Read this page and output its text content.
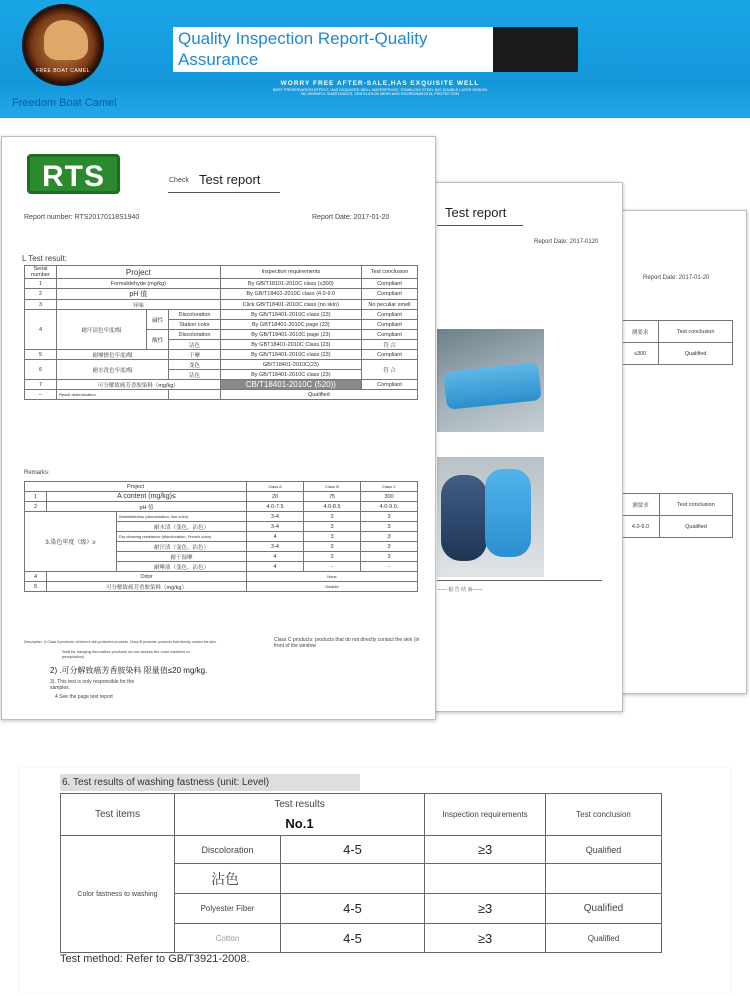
FREE BOAT CAMEL
Freedom Boat Camel
Quality Inspection Report-Quality Assurance
WORRY FREE AFTER-SALE,HAS EXQUISITE WELL
BEST PRESERVATION EFFECT, HAS EXQUISITE WELL WATERPROOF, STAINLESS STEEL BIG DOUBLE LAYER DESIGN
NO HARMFUL SUBSTANCES, VENTILATION MESH AND ENVIRONMENTAL PROTECTION
Report Date: 2017-01-20
测要求	Test conclusion
≤300	Qualified
测要求	Test conclusion
4.0-9.0	Qualified
Test report
Report Date: 2017-0120
------ 报 告 结 束------
RTS	Check Test report
Report number: RTS20170118S1940	Report Date: 2017-01-20
L Test result:
Serial number	Project			Inspection requirements	Test conclusion
1	Formaldehyde (mg/kg)			By GB/T18101-2010C class (≤300)	Compliant
2	pH 值			By GB/T18401-2010C class (4.0-9.0	Compliant
3	异味			Click GB/T18401-2010C class (no skin)	No peculiar smell
4	耐汗渍色牢度/级	碱性	Discoloration	By GB/T18401-2010C class (23)	Compliant
			Station color	By GBT18401-2010C page (23)	Compliant
		酸性	Discoloration	By GB/T18401-2010C page (23)	Compliant
			沾色	By GBT18401-2010C Class (23)	符 合
5	耐摩擦色牢度/级		干摩	By GB/T18401-2010C class (23)	Compliant
6	耐水洗色牢度/级		变色	GB/T18401-2010C(23)	符 合
			沾色	By GB/T18401-2010C class (23)	
7	可分解致癌芳香胺染料（mg/kg）			CB/T18401-2010C (520))	Compliant
--	Result determination			Qualified	
Remarks:
Project			Class A	Class B	Class C
1	A content (mg/kg)≤		20	75	300
2	pH 值		4.0-7.5	4.0-8.5	4.0-9.0.
3.染色牢度（级）≥		Washfastness (discoloration, line color)	3-4	3	3
		耐水渍（变色、沾色）	3-4	3	3
		Dry cleaning resistance (discoloration, French color)	4	3	3
		耐汗渍（变色、沾色）	3-4	3	3
		耐干湿摩	4	3	3
		耐唾液（变色、沾色）	4	-	-
4	Odor		None		
5	可分解致癌芳香胺染料（mg/kg）		Disable		
Description: 1) Class A products: children's skin protective products. Class B products: products that directly contact the skin.	Class C products: products that do not directly contact the skin (in front of the window
Wait for hanging decorative products do not assess the color fastness to perspiration)
2) .可分解致癌芳香胺染料 限量值≤20 mg/kg.
3). This test is only responsible for the samples.
4 See the page test report
6. Test results of washing fastness (unit: Level)
Test items	Test results
No.1		Inspection requirements	Test conclusion
Color fastness to washing	Discoloration	4-5	≥3	Qualified
	沾色			
	Polyester Fiber	4-5	≥3	Qualified
	Cotton	4-5	≥3	Qualified
Test method: Refer to GB/T3921-2008.
